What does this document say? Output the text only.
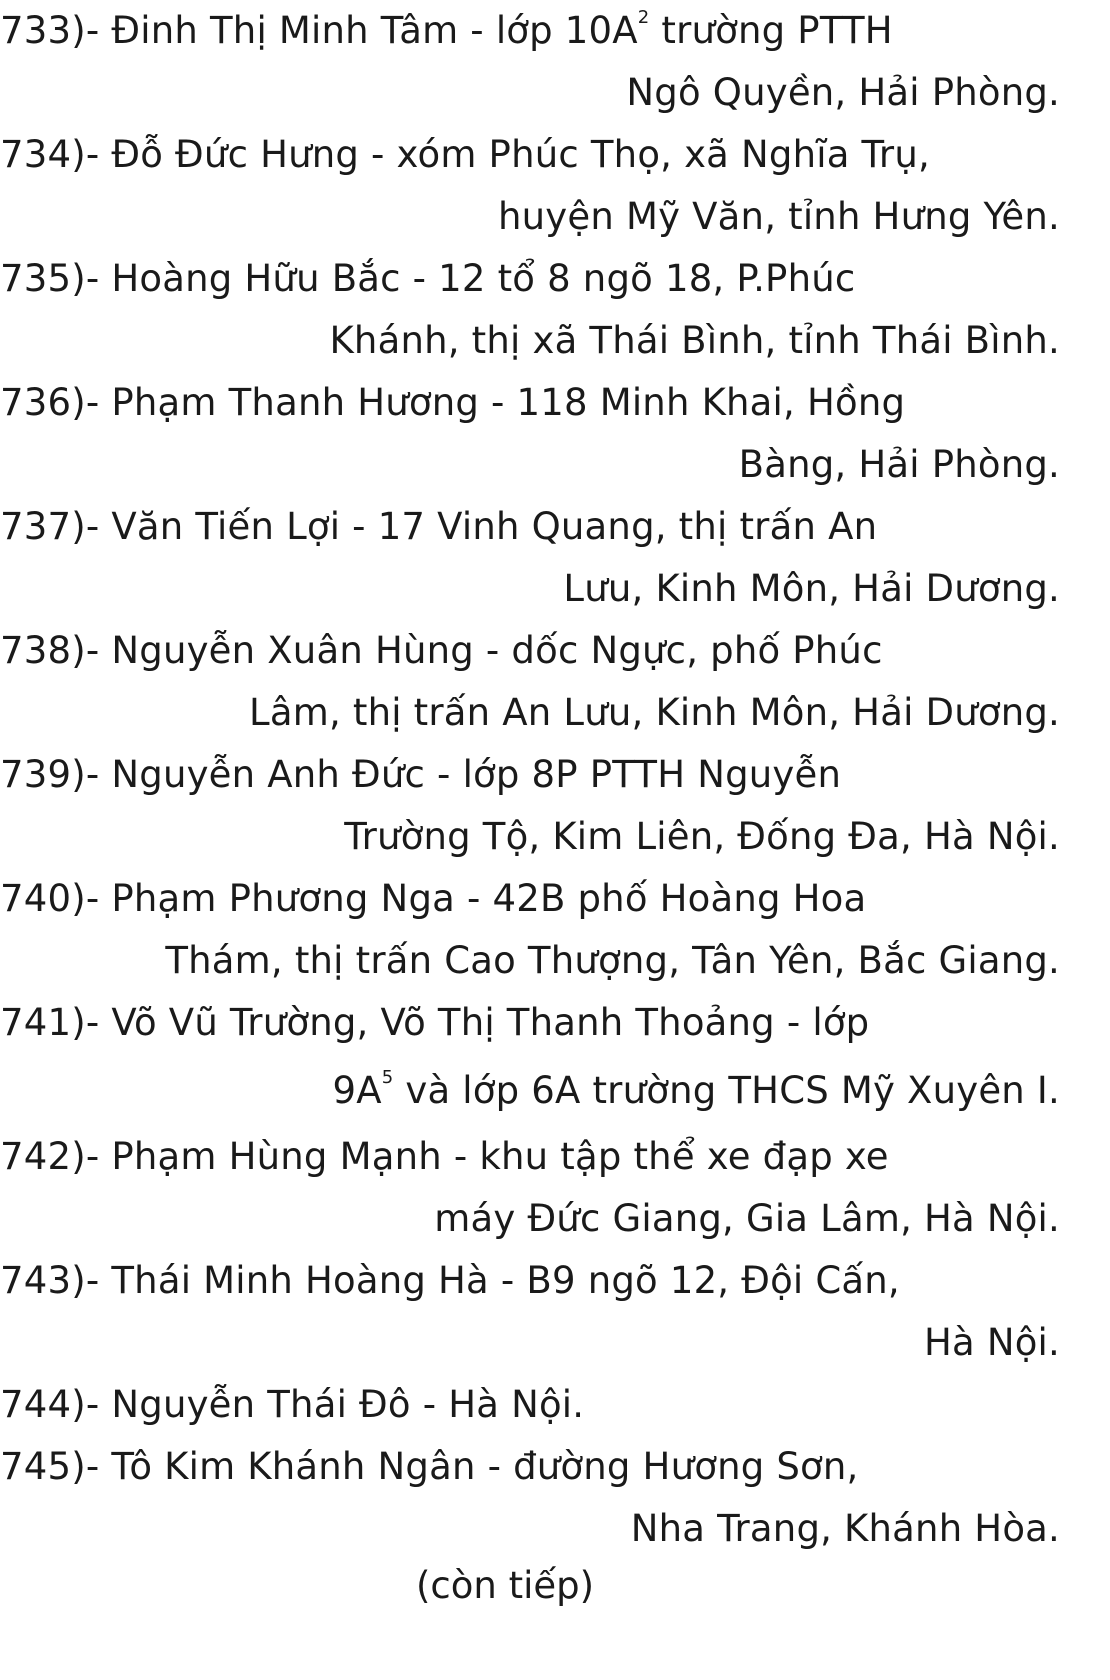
733)- Đinh Thị Minh Tâm - lớp $10A^2$ trường PTTH
Ngô Quyền, Hải Phòng.
734)- Đỗ Đức Hưng - xóm Phúc Thọ, xã Nghĩa Trụ,
huyện Mỹ Văn, tỉnh Hưng Yên.
735)- Hoàng Hữu Bắc - 12 tổ 8 ngõ 18, P.Phúc
Khánh, thị xã Thái Bình, tỉnh Thái Bình.
736)- Phạm Thanh Hương - 118 Minh Khai, Hồng
Bàng, Hải Phòng.
737)- Văn Tiến Lợi - 17 Vinh Quang, thị trấn An
Lưu, Kinh Môn, Hải Dương.
738)- Nguyễn Xuân Hùng - dốc Ngực, phố Phúc
Lâm, thị trấn An Lưu, Kinh Môn, Hải Dương.
739)- Nguyễn Anh Đức - lớp 8P PTTH Nguyễn
Trường Tộ, Kim Liên, Đống Đa, Hà Nội.
740)- Phạm Phương Nga - 42B phố Hoàng Hoa
Thám, thị trấn Cao Thượng, Tân Yên, Bắc Giang.
741)- Võ Vũ Trường, Võ Thị Thanh Thoảng - lớp
$9A^5$ và lớp 6A trường THCS Mỹ Xuyên I.
742)- Phạm Hùng Mạnh - khu tập thể xe đạp xe
máy Đức Giang, Gia Lâm, Hà Nội.
743)- Thái Minh Hoàng Hà - B9 ngõ 12, Đội Cấn,
Hà Nội.
744)- Nguyễn Thái Đô - Hà Nội.
745)- Tô Kim Khánh Ngân - đường Hương Sơn,
Nha Trang, Khánh Hòa.
(còn tiếp)
